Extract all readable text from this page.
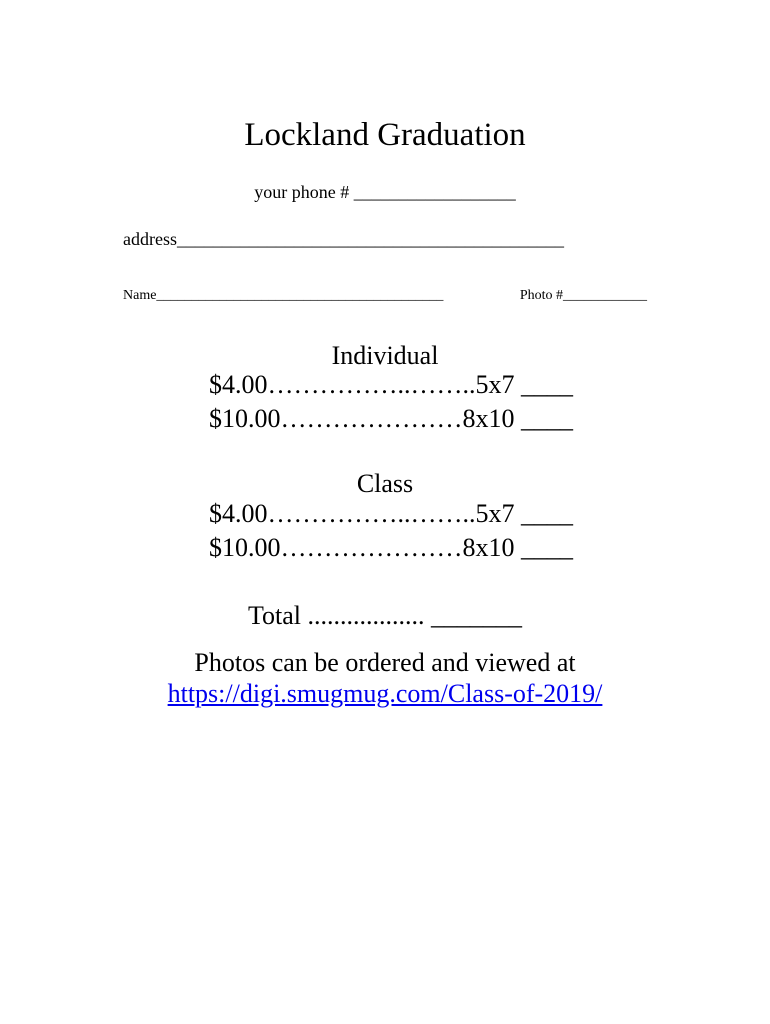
Lockland Graduation
your phone # __________________
address___________________________________________
Name_________________________________________	Photo #____________
Individual
$4.00……………..……..5x7 ____
$10.00…………………8x10 ____
Class
$4.00……………..……..5x7 ____
$10.00…………………8x10 ____
Total .................. _______
Photos can be ordered and viewed at
https://digi.smugmug.com/Class-of-2019/
